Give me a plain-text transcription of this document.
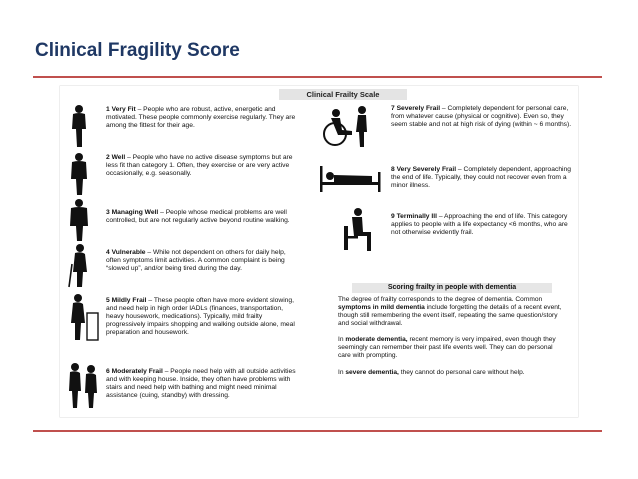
Clinical Fragility Score
Clinical Frailty Scale
1 Very Fit – People who are robust, active, energetic and motivated. These people commonly exercise regularly. They are among the fittest for their age.
2 Well – People who have no active disease symptoms but are less fit than category 1. Often, they exercise or are very active occasionally, e.g. seasonally.
3 Managing Well – People whose medical problems are well controlled, but are not regularly active beyond routine walking.
4 Vulnerable – While not dependent on others for daily help, often symptoms limit activities. A common complaint is being “slowed up”, and/or being tired during the day.
5 Mildly Frail – These people often have more evident slowing, and need help in high order IADLs (finances, transportation, heavy housework, medications). Typically, mild frailty progressively impairs shopping and walking outside alone, meal preparation and housework.
6 Moderately Frail – People need help with all outside activities and with keeping house. Inside, they often have problems with stairs and need help with bathing and might need minimal assistance (cuing, standby) with dressing.
7 Severely Frail – Completely dependent for personal care, from whatever cause (physical or cognitive). Even so, they seem stable and not at high risk of dying (within ~ 6 months).
8 Very Severely Frail – Completely dependent, approaching the end of life. Typically, they could not recover even from a minor illness.
9 Terminally Ill – Approaching the end of life. This category applies to people with a life expectancy <6 months, who are not otherwise evidently frail.
Scoring frailty in people with dementia
The degree of frailty corresponds to the degree of dementia. Common symptoms in mild dementia include forgetting the details of a recent event, though still remembering the event itself, repeating the same question/story and social withdrawal.
In moderate dementia, recent memory is very impaired, even though they seemingly can remember their past life events well. They can do personal care with prompting.
In severe dementia, they cannot do personal care without help.
